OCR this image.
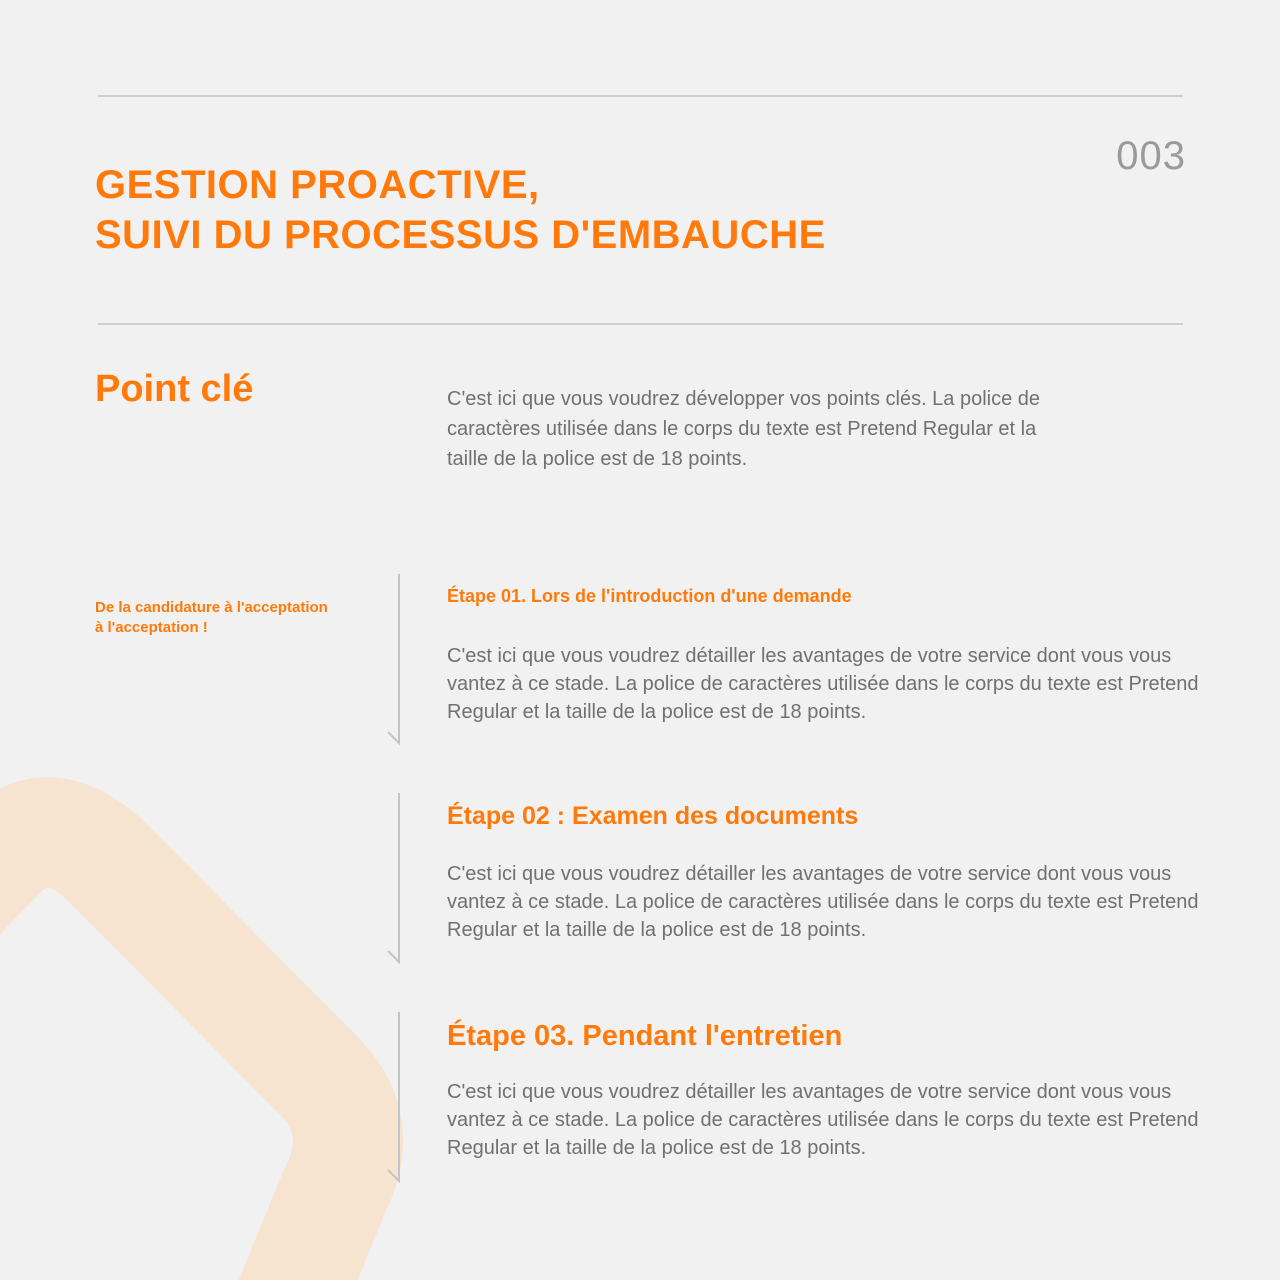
003
GESTION PROACTIVE,
SUIVI DU PROCESSUS D'EMBAUCHE
Point clé	C'est ici que vous voudrez développer vos points clés. La police de caractères utilisée dans le corps du texte est Pretend Regular et la taille de la police est de 18 points.

De la candidature à l'acceptation
à l'acceptation !

Étape 01. Lors de l'introduction d'une demande

C'est ici que vous voudrez détailler les avantages de votre service dont vous vous vantez à ce stade. La police de caractères utilisée dans le corps du texte est Pretend Regular et la taille de la police est de 18 points.

Étape 02 : Examen des documents

C'est ici que vous voudrez détailler les avantages de votre service dont vous vous vantez à ce stade. La police de caractères utilisée dans le corps du texte est Pretend Regular et la taille de la police est de 18 points.

Étape 03. Pendant l'entretien

C'est ici que vous voudrez détailler les avantages de votre service dont vous vous vantez à ce stade. La police de caractères utilisée dans le corps du texte est Pretend Regular et la taille de la police est de 18 points.
